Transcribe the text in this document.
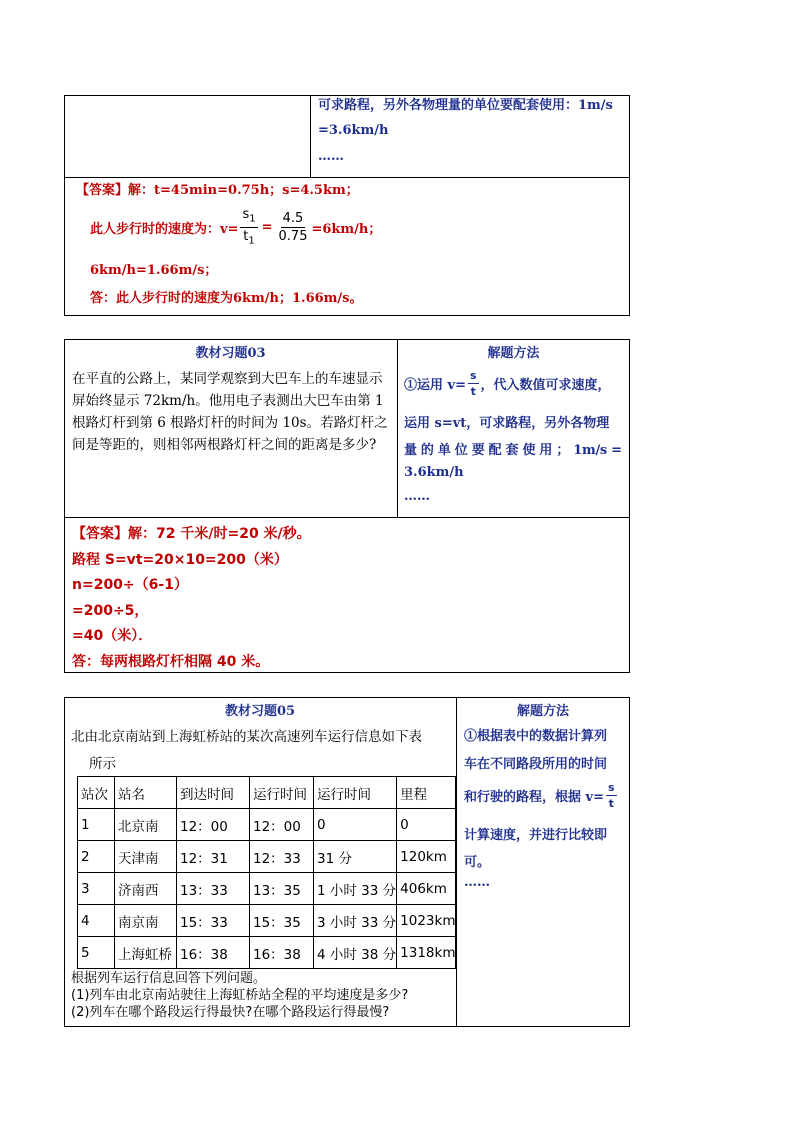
可求路程，另外各物理量的单位要配套使用：1m/s
=3.6km/h
……
【答案】解：t=45min=0.75h；s=4.5km；
此人步行时的速度为：$v= \frac{s_1}{t_1} = \frac{4.5}{0.75} =6km/h$；
6km/h=1.66m/s；
答：此人步行时的速度为6km/h；1.66m/s。
教材习题03	解题方法
在平直的公路上，某同学观察到大巴车上的车速显示
屏始终显示 72km/h。他用电子表测出大巴车由第 1
根路灯杆到第 6 根路灯杆的时间为 10s。若路灯杆之
间是等距的，则相邻两根路灯杆之间的距离是多少?
①运用 $v= \frac{s}{t}$ ，代入数值可求速度，
运用 s=vt，可求路程，另外各物理
量 的 单 位 要 配 套 使 用 ； 1m/s =
3.6km/h
……
【答案】解：72 千米/时=20 米/秒。
路程 S=vt=20×10=200（米）
n=200÷（6-1）
=200÷5，
=40（米）．
答：每两根路灯杆相隔 40 米。
教材习题05	解题方法
北由北京南站到上海虹桥站的某次高速列车运行信息如下表
所示
站次	站名	到达时间	运行时间	运行时间	里程
1	北京南	12：00	12：00	0	0
2	天津南	12：31	12：33	31 分	120km
3	济南西	13：33	13：35	1 小时 33 分	406km
4	南京南	15：33	15：35	3 小时 33 分	1023km
5	上海虹桥	16：38	16：38	4 小时 38 分	1318km
根据列车运行信息回答下列问题。
(1)列车由北京南站驶往上海虹桥站全程的平均速度是多少?
(2)列车在哪个路段运行得最快?在哪个路段运行得最慢?
①根据表中的数据计算列
车在不同路段所用的时间
和行驶的路程，根据 $v= \frac{s}{t}$
计算速度，并进行比较即
可。
……
